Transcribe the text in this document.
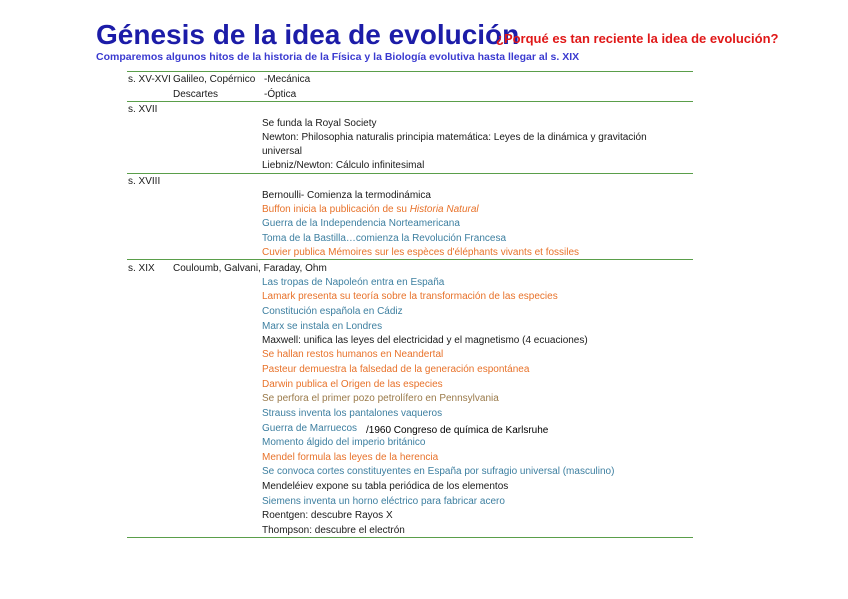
Génesis de la idea de evolución
¿Porqué es tan reciente la idea de evolución?
Comparemos algunos hitos de la historia de la Física y la Biología evolutiva hasta llegar al s. XIX
s. XV-XVI Galileo, Copérnico -Mecánica
Descartes	-Óptica
s. XVII
Se funda la Royal Society
Newton: Philosophia naturalis principia matemática: Leyes de la dinámica y gravitación
universal
Liebniz/Newton: Cálculo infinitesimal
s. XVIII
Bernoulli- Comienza la termodinámica
Buffon inicia la publicación de su Historia Natural
Guerra de la Independencia Norteamericana
Toma de la Bastilla…comienza la Revolución Francesa
Cuvier publica Mémoires sur les espèces d'éléphants vivants et fossiles
s. XIX Couloumb, Galvani, Faraday, Ohm
Las tropas de Napoleón entra en España
Lamark presenta su teoría sobre la transformación de las especies
Constitución española en Cádiz
Marx se instala en Londres
Maxwell: unifica las leyes del electricidad y el magnetismo (4 ecuaciones)
Se hallan restos humanos en Neandertal
Pasteur demuestra la falsedad de la generación espontánea
Darwin publica el Origen de las especies
Se perfora el primer pozo petrolífero en Pennsylvania
Strauss inventa los pantalones vaqueros
Guerra de Marruecos /1960 Congreso de química de Karlsruhe
Momento álgido del imperio británico
Mendel formula las leyes de la herencia
Se convoca cortes constituyentes en España por sufragio universal (masculino)
Mendeléiev expone su tabla periódica de los elementos
Siemens inventa un horno eléctrico para fabricar acero
Roentgen: descubre Rayos X
Thompson: descubre el electrón
